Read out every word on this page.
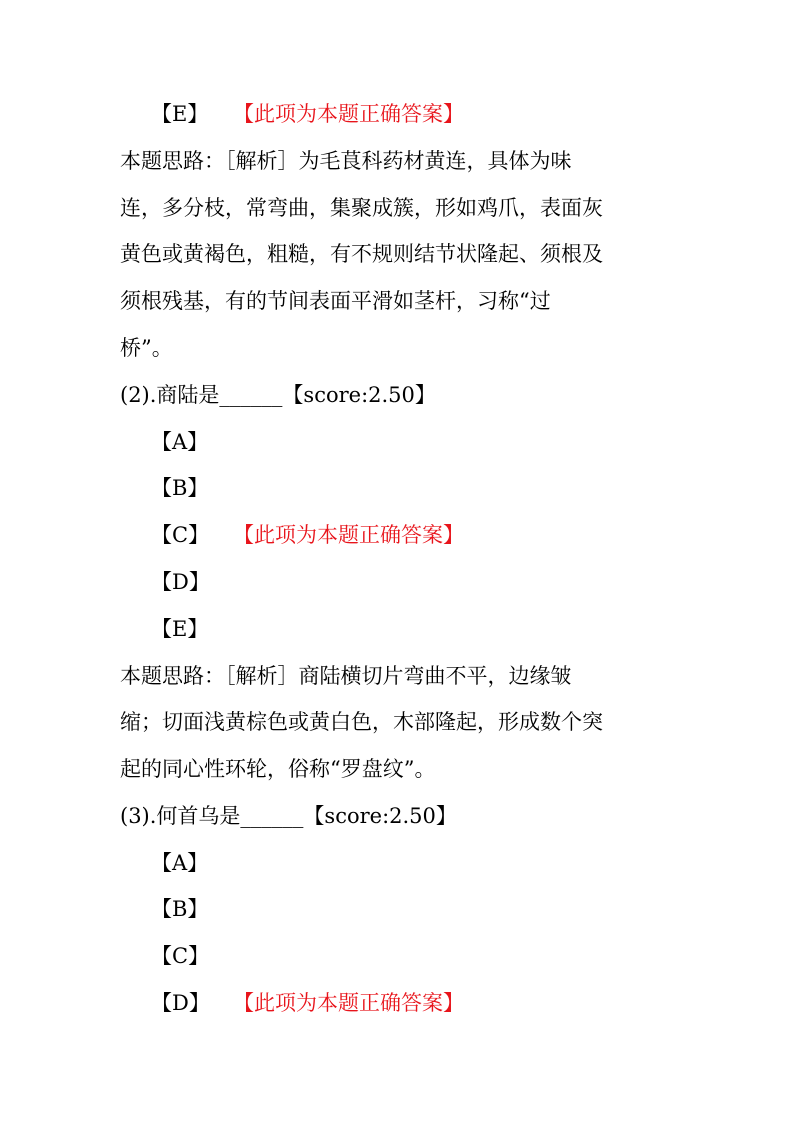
【E】 【此项为本题正确答案】
本题思路：［解析］为毛茛科药材黄连，具体为味
连，多分枝，常弯曲，集聚成簇，形如鸡爪，表面灰
黄色或黄褐色，粗糙，有不规则结节状隆起、须根及
须根残基，有的节间表面平滑如茎杆，习称“过
桥”。
(2).商陆是______【score:2.50】
【A】
【B】
【C】 【此项为本题正确答案】
【D】
【E】
本题思路：［解析］商陆横切片弯曲不平，边缘皱
缩；切面浅黄棕色或黄白色，木部隆起，形成数个突
起的同心性环轮，俗称“罗盘纹”。
(3).何首乌是______【score:2.50】
【A】
【B】
【C】
【D】 【此项为本题正确答案】
